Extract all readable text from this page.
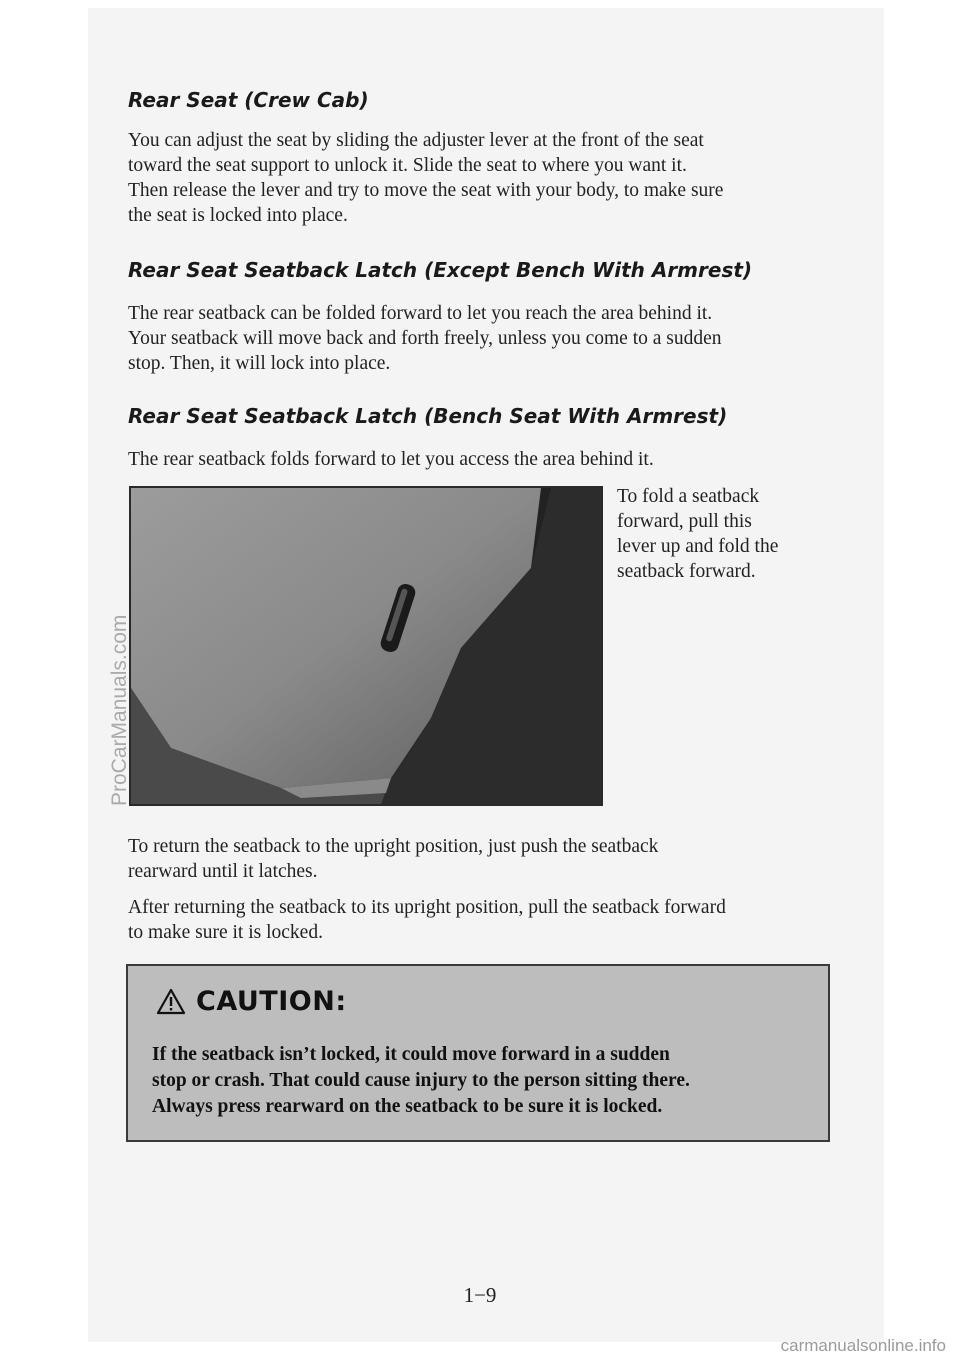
Rear Seat (Crew Cab)
You can adjust the seat by sliding the adjuster lever at the front of the seat
toward the seat support to unlock it. Slide the seat to where you want it.
Then release the lever and try to move the seat with your body, to make sure
the seat is locked into place.
Rear Seat Seatback Latch (Except Bench With Armrest)
The rear seatback can be folded forward to let you reach the area behind it.
Your seatback will move back and forth freely, unless you come to a sudden
stop. Then, it will lock into place.
Rear Seat Seatback Latch (Bench Seat With Armrest)
The rear seatback folds forward to let you access the area behind it.
To fold a seatback
forward, pull this
lever up and fold the
seatback forward.
To return the seatback to the upright position, just push the seatback
rearward until it latches.
After returning the seatback to its upright position, pull the seatback forward
to make sure it is locked.
CAUTION:
If the seatback isn’t locked, it could move forward in a sudden
stop or crash. That could cause injury to the person sitting there.
Always press rearward on the seatback to be sure it is locked.
1−9
ProCarManuals.com
carmanualsonline.info
